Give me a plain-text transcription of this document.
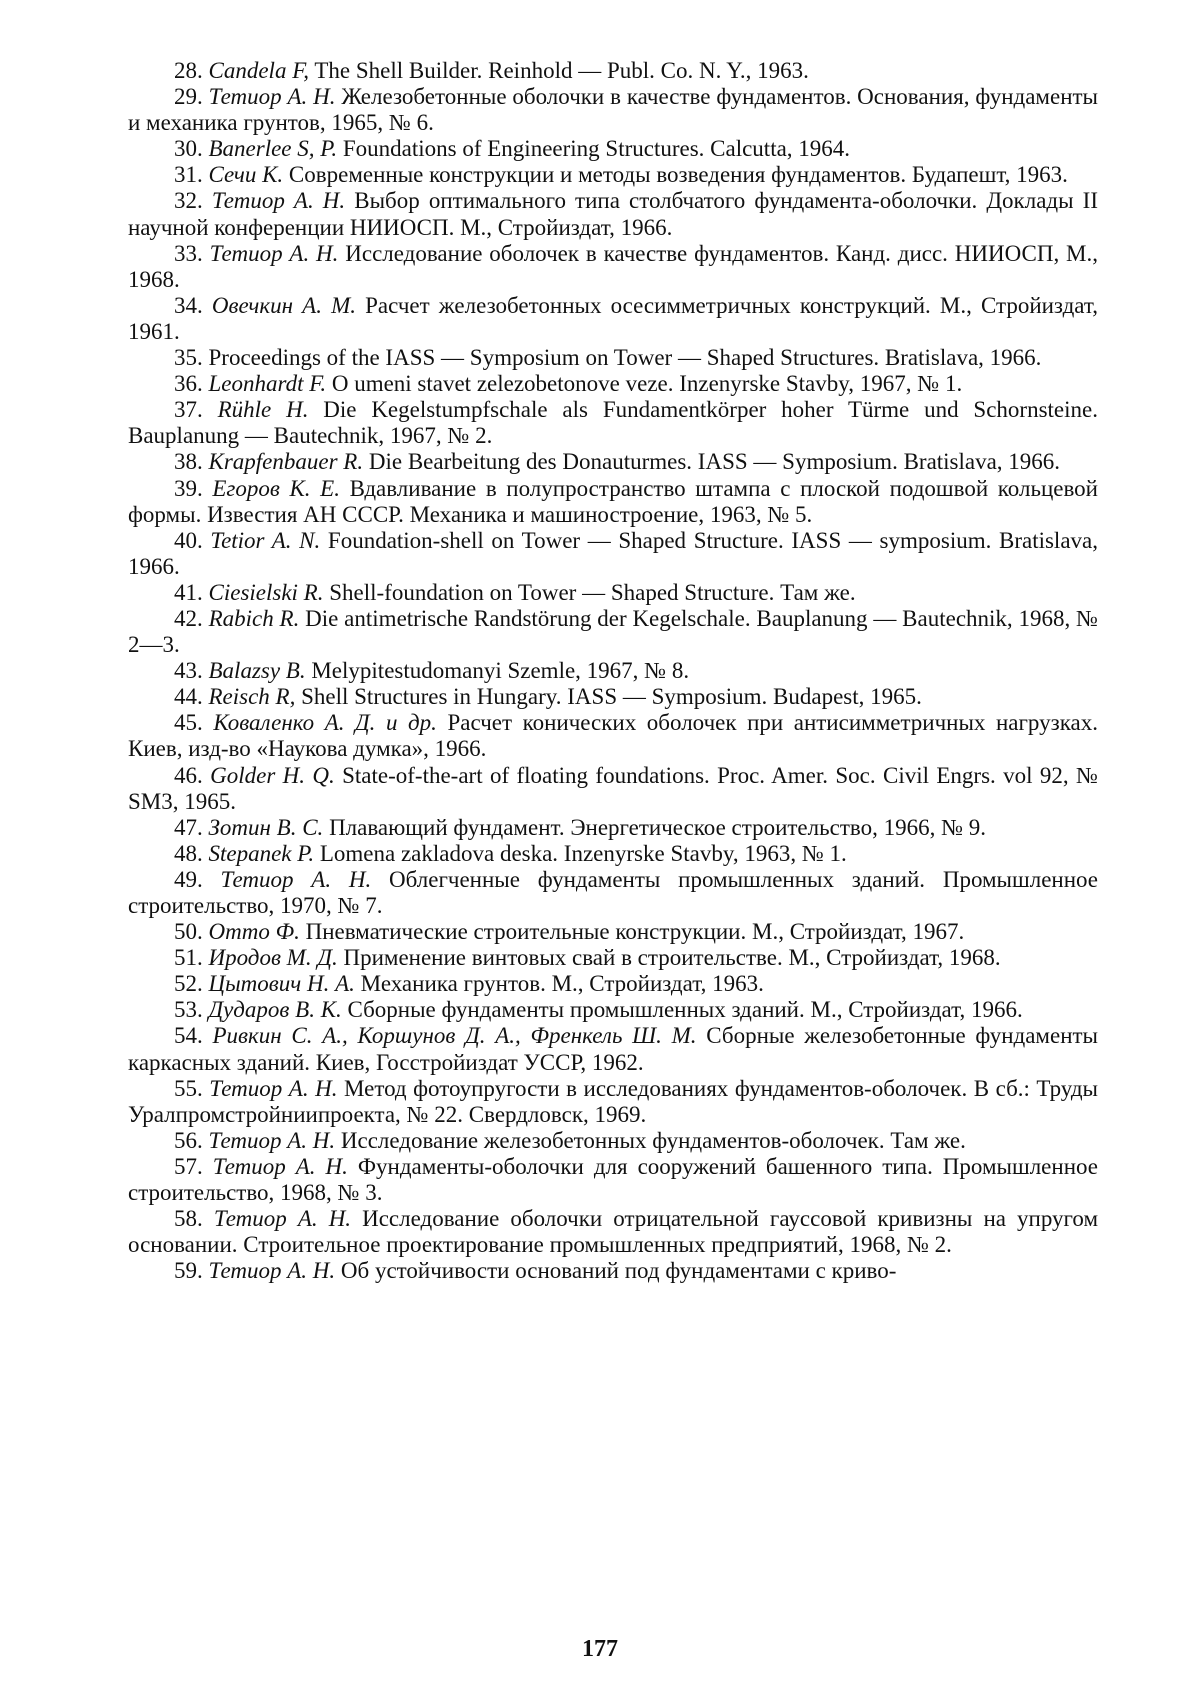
28. Candela F, The Shell Builder. Reinhold — Publ. Co. N. Y., 1963.

29. Тетиор А. Н. Железобетонные оболочки в качестве фундаментов. Основания, фундаменты и механика грунтов, 1965, № 6.

30. Banerlee S, P. Foundations of Engineering Structures. Calcutta, 1964.

31. Сечи К. Современные конструкции и методы возведения фундаментов. Будапешт, 1963.

32. Тетиор А. Н. Выбор оптимального типа столбчатого фундамента-оболочки. Доклады II научной конференции НИИОСП. М., Стройиздат, 1966.

33. Тетиор А. Н. Исследование оболочек в качестве фундаментов. Канд. дисс. НИИОСП, М., 1968.

34. Овечкин А. М. Расчет железобетонных осесимметричных конструкций. М., Стройиздат, 1961.

35. Proceedings of the IASS — Symposium on Tower — Shaped Structures. Bratislava, 1966.

36. Leonhardt F. O umeni stavet zelezobetonove veze. Inzenyrske Stavby, 1967, № 1.

37. Rühle H. Die Kegelstumpfschale als Fundamentkörper hoher Türme und Schornsteine. Bauplanung — Bautechnik, 1967, № 2.

38. Krapfenbauer R. Die Bearbeitung des Donauturmes. IASS — Symposium. Bratislava, 1966.

39. Егоров К. Е. Вдавливание в полупространство штампа с плоской подошвой кольцевой формы. Известия АН СССР. Механика и машиностроение, 1963, № 5.

40. Tetior A. N. Foundation-shell on Tower — Shaped Structure. IASS — symposium. Bratislava, 1966.

41. Ciesielski R. Shell-foundation on Tower — Shaped Structure. Там же.

42. Rabich R. Die antimetrische Randstörung der Kegelschale. Bauplanung — Bautechnik, 1968, № 2—3.

43. Balazsy B. Melypitestudomanyi Szemle, 1967, № 8.

44. Reisch R, Shell Structures in Hungary. IASS — Symposium. Budapest, 1965.

45. Коваленко А. Д. и др. Расчет конических оболочек при антисимметричных нагрузках. Киев, изд-во «Наукова думка», 1966.

46. Golder H. Q. State-of-the-art of floating foundations. Proc. Amer. Soc. Civil Engrs. vol 92, № SM3, 1965.

47. Зотин В. С. Плавающий фундамент. Энергетическое строительство, 1966, № 9.

48. Stepanek P. Lomena zakladova deska. Inzenyrske Stavby, 1963, № 1.

49. Тетиор А. Н. Облегченные фундаменты промышленных зданий. Промышленное строительство, 1970, № 7.

50. Отто Ф. Пневматические строительные конструкции. М., Стройиздат, 1967.

51. Иродов М. Д. Применение винтовых свай в строительстве. М., Стройиздат, 1968.

52. Цытович Н. А. Механика грунтов. М., Стройиздат, 1963.

53. Дударов В. К. Сборные фундаменты промышленных зданий. М., Стройиздат, 1966.

54. Ривкин С. А., Коршунов Д. А., Френкель Ш. М. Сборные железобетонные фундаменты каркасных зданий. Киев, Госстройиздат УССР, 1962.

55. Тетиор А. Н. Метод фотоупругости в исследованиях фундаментов-оболочек. В сб.: Труды Уралпромстройниипроекта, № 22. Свердловск, 1969.

56. Тетиор А. Н. Исследование железобетонных фундаментов-оболочек. Там же.

57. Тетиор А. Н. Фундаменты-оболочки для сооружений башенного типа. Промышленное строительство, 1968, № 3.

58. Тетиор А. Н. Исследование оболочки отрицательной гауссовой кривизны на упругом основании. Строительное проектирование промышленных предприятий, 1968, № 2.

59. Тетиор А. Н. Об устойчивости оснований под фундаментами с криво-

177
